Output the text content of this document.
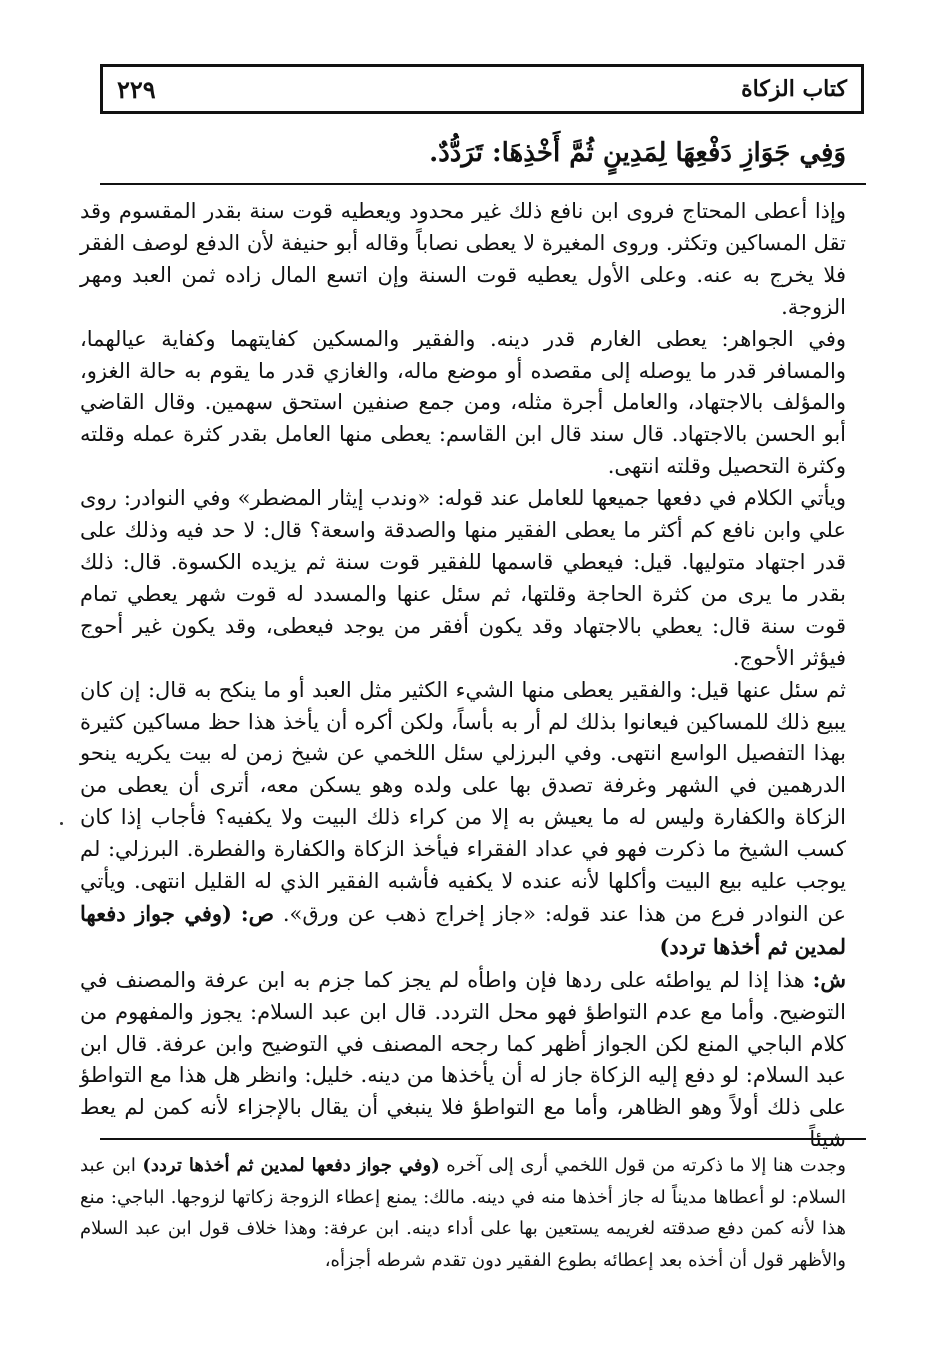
كتاب الزكاة
٢٢٩
وَفِي جَوَازِ دَفْعِهَا لِمَدِينٍ ثُمَّ أَخْذِهَا: تَرَدُّدٌ.

وإذا أعطى المحتاج فروى ابن نافع ذلك غير محدود ويعطيه قوت سنة بقدر المقسوم وقد تقل المساكين وتكثر. وروى المغيرة لا يعطى نصاباً وقاله أبو حنيفة لأن الدفع لوصف الفقر فلا يخرج به عنه. وعلى الأول يعطيه قوت السنة وإن اتسع المال زاده ثمن العبد ومهر الزوجة.

وفي الجواهر: يعطى الغارم قدر دينه. والفقير والمسكين كفايتهما وكفاية عيالهما، والمسافر قدر ما يوصله إلى مقصده أو موضع ماله، والغازي قدر ما يقوم به حالة الغزو، والمؤلف بالاجتهاد، والعامل أجرة مثله، ومن جمع صنفين استحق سهمين. وقال القاضي أبو الحسن بالاجتهاد. قال سند قال ابن القاسم: يعطى منها العامل بقدر كثرة عمله وقلته وكثرة التحصيل وقلته انتهى.

ويأتي الكلام في دفعها جميعها للعامل عند قوله: «وندب إيثار المضطر» وفي النوادر: روى علي وابن نافع كم أكثر ما يعطى الفقير منها والصدقة واسعة؟ قال: لا حد فيه وذلك على قدر اجتهاد متوليها. قيل: فيعطي قاسمها للفقير قوت سنة ثم يزيده الكسوة. قال: ذلك بقدر ما يرى من كثرة الحاجة وقلتها، ثم سئل عنها والمسدد له قوت شهر يعطي تمام قوت سنة قال: يعطي بالاجتهاد وقد يكون أفقر من يوجد فيعطى، وقد يكون غير أحوج فيؤثر الأحوج.

ثم سئل عنها قيل: والفقير يعطى منها الشيء الكثير مثل العبد أو ما ينكح به قال: إن كان يبيع ذلك للمساكين فيعانوا بذلك لم أر به بأساً، ولكن أكره أن يأخذ هذا حظ مساكين كثيرة بهذا التفصيل الواسع انتهى. وفي البرزلي سئل اللخمي عن شيخ زمن له بيت يكريه ينحو الدرهمين في الشهر وغرفة تصدق بها على ولده وهو يسكن معه، أترى أن يعطى من الزكاة والكفارة وليس له ما يعيش به إلا من كراء ذلك البيت ولا يكفيه؟ فأجاب إذا كان كسب الشيخ ما ذكرت فهو في عداد الفقراء فيأخذ الزكاة والكفارة والفطرة. البرزلي: لم يوجب عليه بيع البيت وأكلها لأنه عنده لا يكفيه فأشبه الفقير الذي له القليل انتهى. ويأتي عن النوادر فرع من هذا عند قوله: «جاز إخراج ذهب عن ورق». ص: (وفي جواز دفعها لمدين ثم أخذها تردد)

ش: هذا إذا لم يواطئه على ردها فإن واطأه لم يجز كما جزم به ابن عرفة والمصنف في التوضيح. وأما مع عدم التواطؤ فهو محل التردد. قال ابن عبد السلام: يجوز والمفهوم من كلام الباجي المنع لكن الجواز أظهر كما رجحه المصنف في التوضيح وابن عرفة. قال ابن عبد السلام: لو دفع إليه الزكاة جاز له أن يأخذها من دينه. خليل: وانظر هل هذا مع التواطؤ على ذلك أولاً وهو الظاهر، وأما مع التواطؤ فلا ينبغي أن يقال بالإجزاء لأنه كمن لم يعط شيئاً

وجدت هنا إلا ما ذكرته من قول اللخمي أرى إلى آخره (وفي جواز دفعها لمدين ثم أخذها تردد) ابن عبد السلام: لو أعطاها مديناً له جاز أخذها منه في دينه. مالك: يمنع إعطاء الزوجة زكاتها لزوجها. الباجي: منع هذا لأنه كمن دفع صدقته لغريمه يستعين بها على أداء دينه. ابن عرفة: وهذا خلاف قول ابن عبد السلام والأظهر قول أن أخذه بعد إعطائه بطوع الفقير دون تقدم شرطه أجزأه،
